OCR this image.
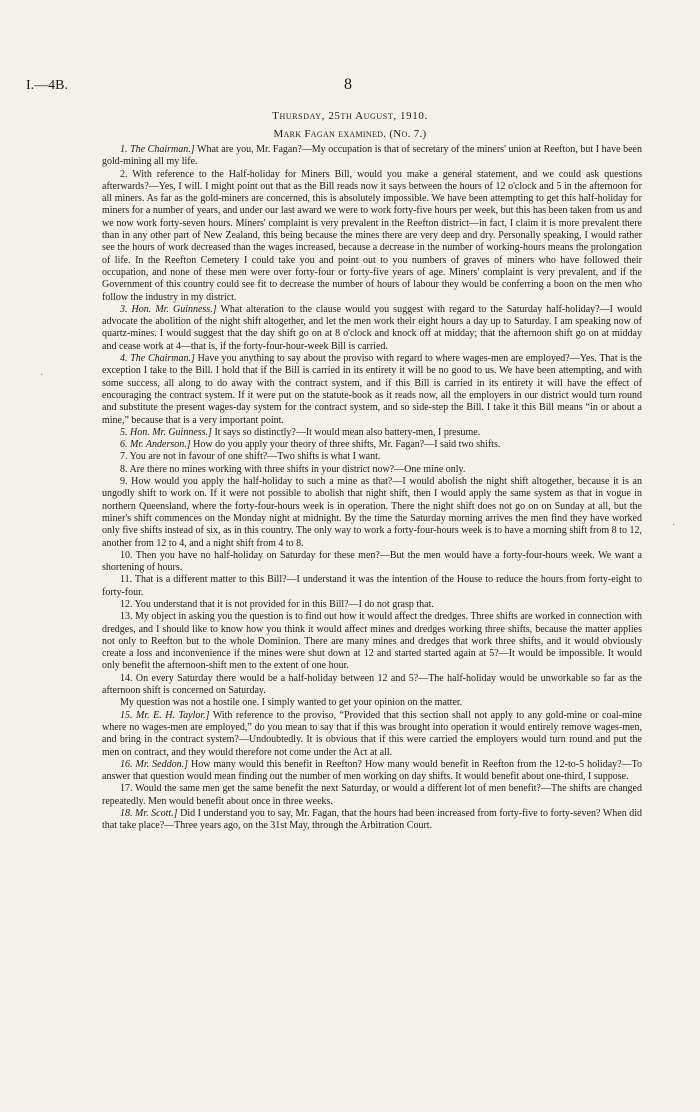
I.—4B.	8
Thursday, 25th August, 1910.
Mark Fagan examined. (No. 7.)

1. The Chairman.] What are you, Mr. Fagan?—My occupation is that of secretary of the miners' union at Reefton, but I have been gold-mining all my life.

2. With reference to the Half-holiday for Miners Bill, would you make a general statement, and we could ask questions afterwards?—Yes, I will. I might point out that as the Bill reads now it says between the hours of 12 o'clock and 5 in the afternoon for all miners. As far as the gold-miners are concerned, this is absolutely impossible. We have been attempting to get this half-holiday for miners for a number of years, and under our last award we were to work forty-five hours per week, but this has been taken from us and we now work forty-seven hours. Miners' complaint is very prevalent in the Reefton district—in fact, I claim it is more prevalent there than in any other part of New Zealand, this being because the mines there are very deep and dry. Personally speaking, I would rather see the hours of work decreased than the wages increased, because a decrease in the number of working-hours means the prolongation of life. In the Reefton Cemetery I could take you and point out to you numbers of graves of miners who have followed their occupation, and none of these men were over forty-four or forty-five years of age. Miners' complaint is very prevalent, and if the Government of this country could see fit to decrease the number of hours of labour they would be conferring a boon on the men who follow the industry in my district.

3. Hon. Mr. Guinness.] What alteration to the clause would you suggest with regard to the Saturday half-holiday?—I would advocate the abolition of the night shift altogether, and let the men work their eight hours a day up to Saturday. I am speaking now of quartz-mines. I would suggest that the day shift go on at 8 o'clock and knock off at midday; that the afternoon shift go on at midday and cease work at 4—that is, if the forty-four-hour-week Bill is carried.

4. The Chairman.] Have you anything to say about the proviso with regard to where wages-men are employed?—Yes. That is the exception I take to the Bill. I hold that if the Bill is carried in its entirety it will be no good to us. We have been attempting, and with some success, all along to do away with the contract system, and if this Bill is carried in its entirety it will have the effect of encouraging the contract system. If it were put on the statute-book as it reads now, all the employers in our district would turn round and substitute the present wages-day system for the contract system, and so side-step the Bill. I take it this Bill means “in or about a mine,” because that is a very important point.

5. Hon. Mr. Guinness.] It says so distinctly?—It would mean also battery-men, I presume.

6. Mr. Anderson.] How do you apply your theory of three shifts, Mr. Fagan?—I said two shifts.

7. You are not in favour of one shift?—Two shifts is what I want.

8. Are there no mines working with three shifts in your district now?—One mine only.

9. How would you apply the half-holiday to such a mine as that?—I would abolish the night shift altogether, because it is an ungodly shift to work on. If it were not possible to abolish that night shift, then I would apply the same system as that in vogue in northern Queensland, where the forty-four-hours week is in operation. There the night shift does not go on on Sunday at all, but the miner's shift commences on the Monday night at midnight. By the time the Saturday morning arrives the men find they have worked only five shifts instead of six, as in this country. The only way to work a forty-four-hours week is to have a morning shift from 8 to 12, another from 12 to 4, and a night shift from 4 to 8.

10. Then you have no half-holiday on Saturday for these men?—But the men would have a forty-four-hours week. We want a shortening of hours.

11. That is a different matter to this Bill?—I understand it was the intention of the House to reduce the hours from forty-eight to forty-four.

12. You understand that it is not provided for in this Bill?—I do not grasp that.

13. My object in asking you the question is to find out how it would affect the dredges. Three shifts are worked in connection with dredges, and I should like to know how you think it would affect mines and dredges working three shifts, because the matter applies not only to Reefton but to the whole Dominion. There are many mines and dredges that work three shifts, and it would obviously create a loss and inconvenience if the mines were shut down at 12 and started started again at 5?—It would be impossible. It would only benefit the afternoon-shift men to the extent of one hour.

14. On every Saturday there would be a half-holiday between 12 and 5?—The half-holiday would be unworkable so far as the afternoon shift is concerned on Saturday.

My question was not a hostile one. I simply wanted to get your opinion on the matter.

15. Mr. E. H. Taylor.] With reference to the proviso, “Provided that this section shall not apply to any gold-mine or coal-mine where no wages-men are employed,” do you mean to say that if this was brought into operation it would entirely remove wages-men, and bring in the contract system?—Undoubtedly. It is obvious that if this were carried the employers would turn round and put the men on contract, and they would therefore not come under the Act at all.

16. Mr. Seddon.] How many would this benefit in Reefton? How many would benefit in Reefton from the 12-to-5 holiday?—To answer that question would mean finding out the number of men working on day shifts. It would benefit about one-third, I suppose.

17. Would the same men get the same benefit the next Saturday, or would a different lot of men benefit?—The shifts are changed repeatedly. Men would benefit about once in three weeks.

18. Mr. Scott.] Did I understand you to say, Mr. Fagan, that the hours had been increased from forty-five to forty-seven? When did that take place?—Three years ago, on the 31st May, through the Arbitration Court.

·
·
